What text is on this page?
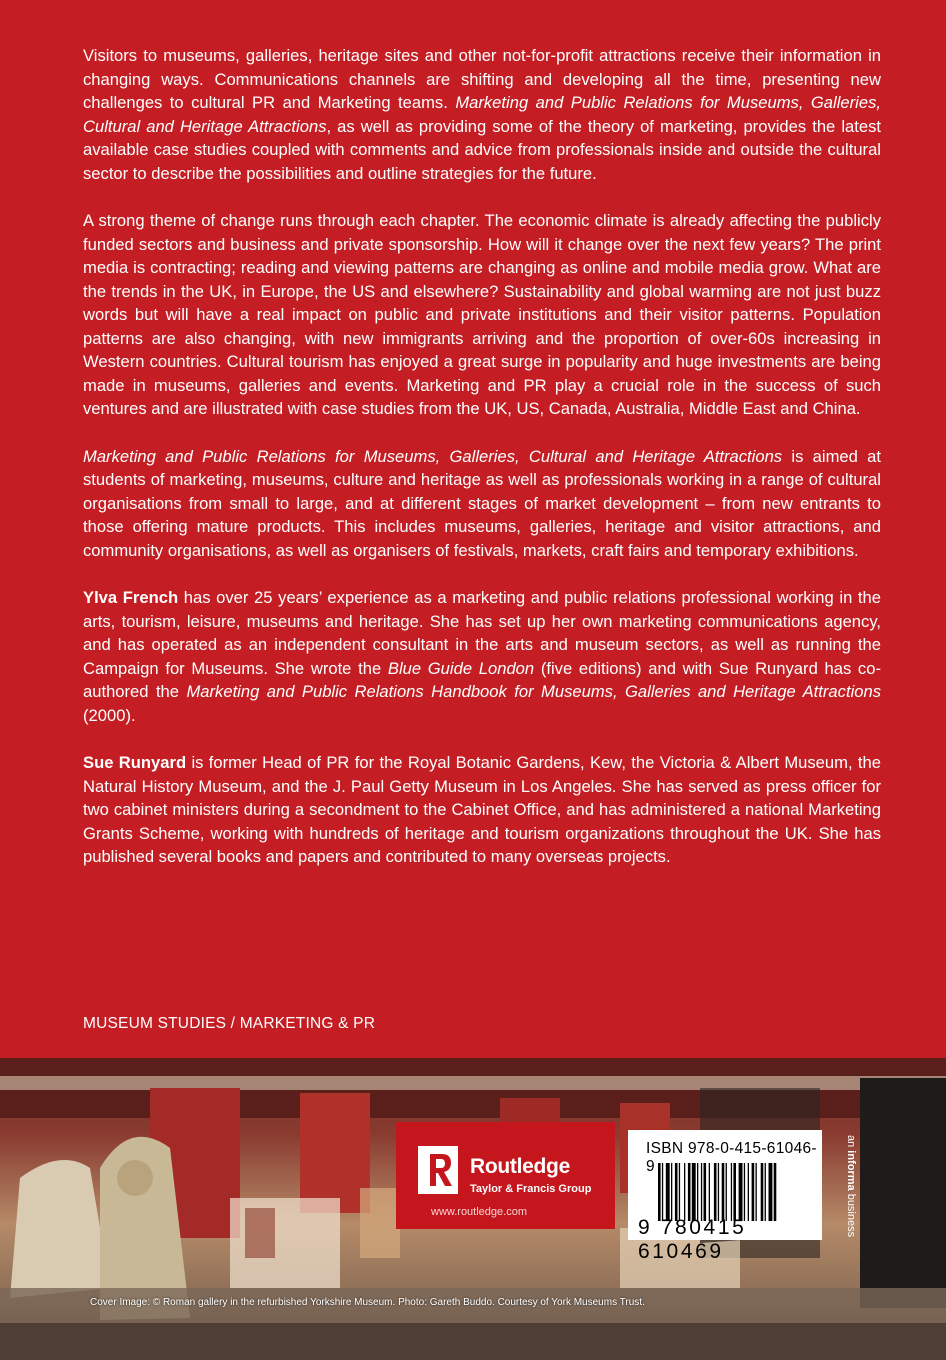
Visitors to museums, galleries, heritage sites and other not-for-profit attractions receive their information in changing ways. Communications channels are shifting and developing all the time, presenting new challenges to cultural PR and Marketing teams. Marketing and Public Relations for Museums, Galleries, Cultural and Heritage Attractions, as well as providing some of the theory of marketing, provides the latest available case studies coupled with comments and advice from professionals inside and outside the cultural sector to describe the possibilities and outline strategies for the future.

A strong theme of change runs through each chapter. The economic climate is already affecting the publicly funded sectors and business and private sponsorship. How will it change over the next few years? The print media is contracting; reading and viewing patterns are changing as online and mobile media grow. What are the trends in the UK, in Europe, the US and elsewhere? Sustainability and global warming are not just buzz words but will have a real impact on public and private institutions and their visitor patterns. Population patterns are also changing, with new immigrants arriving and the proportion of over-60s increasing in Western countries. Cultural tourism has enjoyed a great surge in popularity and huge investments are being made in museums, galleries and events. Marketing and PR play a crucial role in the success of such ventures and are illustrated with case studies from the UK, US, Canada, Australia, Middle East and China.

Marketing and Public Relations for Museums, Galleries, Cultural and Heritage Attractions is aimed at students of marketing, museums, culture and heritage as well as professionals working in a range of cultural organisations from small to large, and at different stages of market development – from new entrants to those offering mature products. This includes museums, galleries, heritage and visitor attractions, and community organisations, as well as organisers of festivals, markets, craft fairs and temporary exhibitions.

Ylva French has over 25 years’ experience as a marketing and public relations professional working in the arts, tourism, leisure, museums and heritage. She has set up her own marketing communications agency, and has operated as an independent consultant in the arts and museum sectors, as well as running the Campaign for Museums. She wrote the Blue Guide London (five editions) and with Sue Runyard has co-authored the Marketing and Public Relations Handbook for Museums, Galleries and Heritage Attractions (2000).

Sue Runyard is former Head of PR for the Royal Botanic Gardens, Kew, the Victoria & Albert Museum, the Natural History Museum, and the J. Paul Getty Museum in Los Angeles. She has served as press officer for two cabinet ministers during a secondment to the Cabinet Office, and has administered a national Marketing Grants Scheme, working with hundreds of heritage and tourism organizations throughout the UK. She has published several books and papers and contributed to many overseas projects.

MUSEUM STUDIES / MARKETING & PR
Routledge
Taylor & Francis Group
www.routledge.com
ISBN 978-0-415-61046-9
9 780415 610469
an informa business
Cover Image: © Roman gallery in the refurbished Yorkshire Museum. Photo: Gareth Buddo. Courtesy of York Museums Trust.
